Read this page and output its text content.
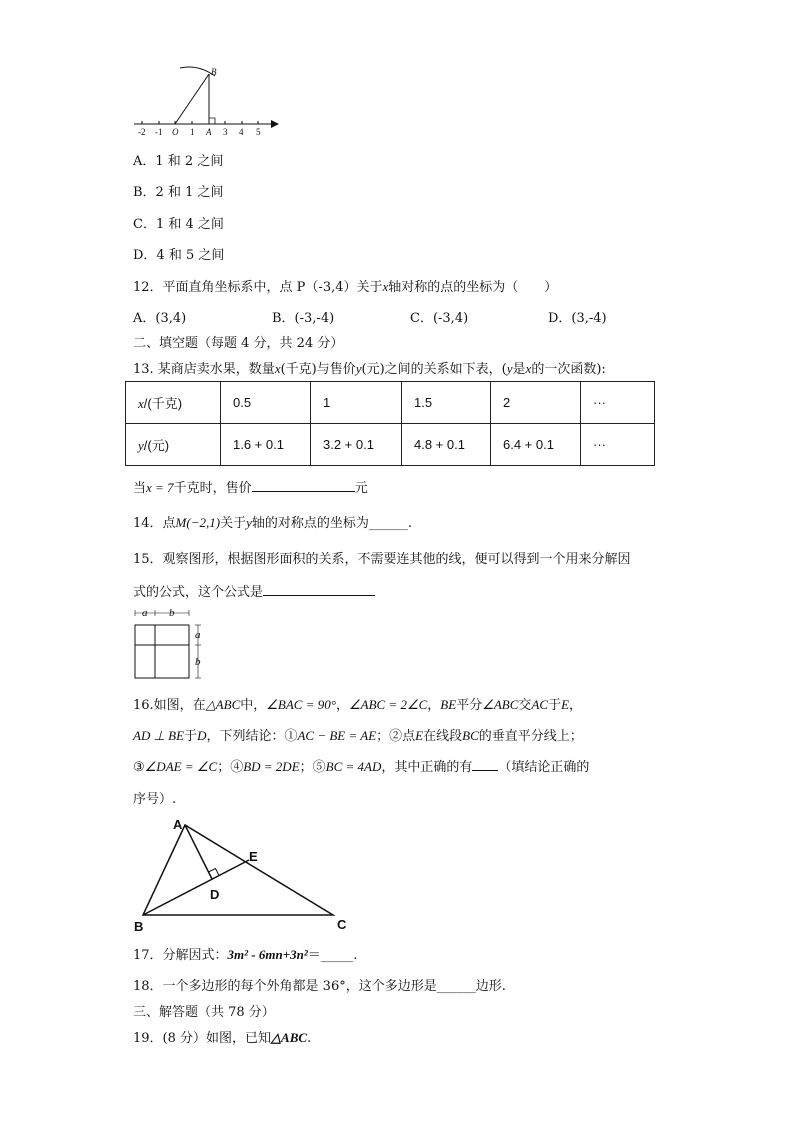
-2 -1 O 1 A 3 4 5
B
A．1 和 2 之间
B．2 和 1 之间
C．1 和 4 之间
D．4 和 5 之间
12．平面直角坐标系中，点 P（-3,4）关于x轴对称的点的坐标为（　　）
A．(3,4)	B．(-3,-4)	C．(-3,4)	D．(3,-4)
二、填空题（每题 4 分，共 24 分）
13. 某商店卖水果，数量x(千克)与售价y(元)之间的关系如下表，(y是x的一次函数):
x/(千克)	0.5	1	1.5	2	···
y/(元)	1.6 + 0.1	3.2 + 0.1	4.8 + 0.1	6.4 + 0.1	···
当x = 7千克时，售价	元
14．点M(−2,1)关于y轴的对称点的坐标为______.
15．观察图形，根据图形面积的关系，不需要连其他的线，便可以得到一个用来分解因
式的公式，这个公式是
a b
a
b
16.如图，在△ABC中，∠BAC = 90°，∠ABC = 2∠C，BE平分∠ABC交AC于E，
AD ⊥ BE于D，下列结论：①AC − BE = AE；②点E在线段BC的垂直平分线上；
③∠DAE = ∠C；④BD = 2DE；⑤BC = 4AD，其中正确的有 （填结论正确的
序号）.
A
B	C
D
E
17．分解因式：3m² - 6mn+3n²＝_____.
18．一个多边形的每个外角都是 36°，这个多边形是______边形.
三、解答题（共 78 分）
19．(8 分）如图，已知△ABC.
